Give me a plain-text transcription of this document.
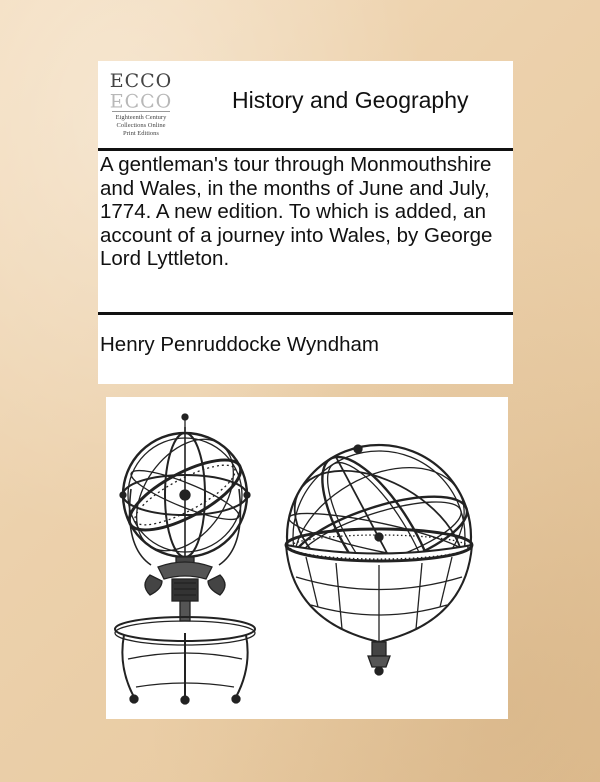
ECCO
ECCO
Eighteenth Century
Collections Online
Print Editions
History and Geography
A gentleman's tour through Monmouthshire and Wales, in the months of June and July, 1774. A new edition. To which is added, an account of a journey into Wales, by George Lord Lyttleton.
Henry Penruddocke Wyndham
